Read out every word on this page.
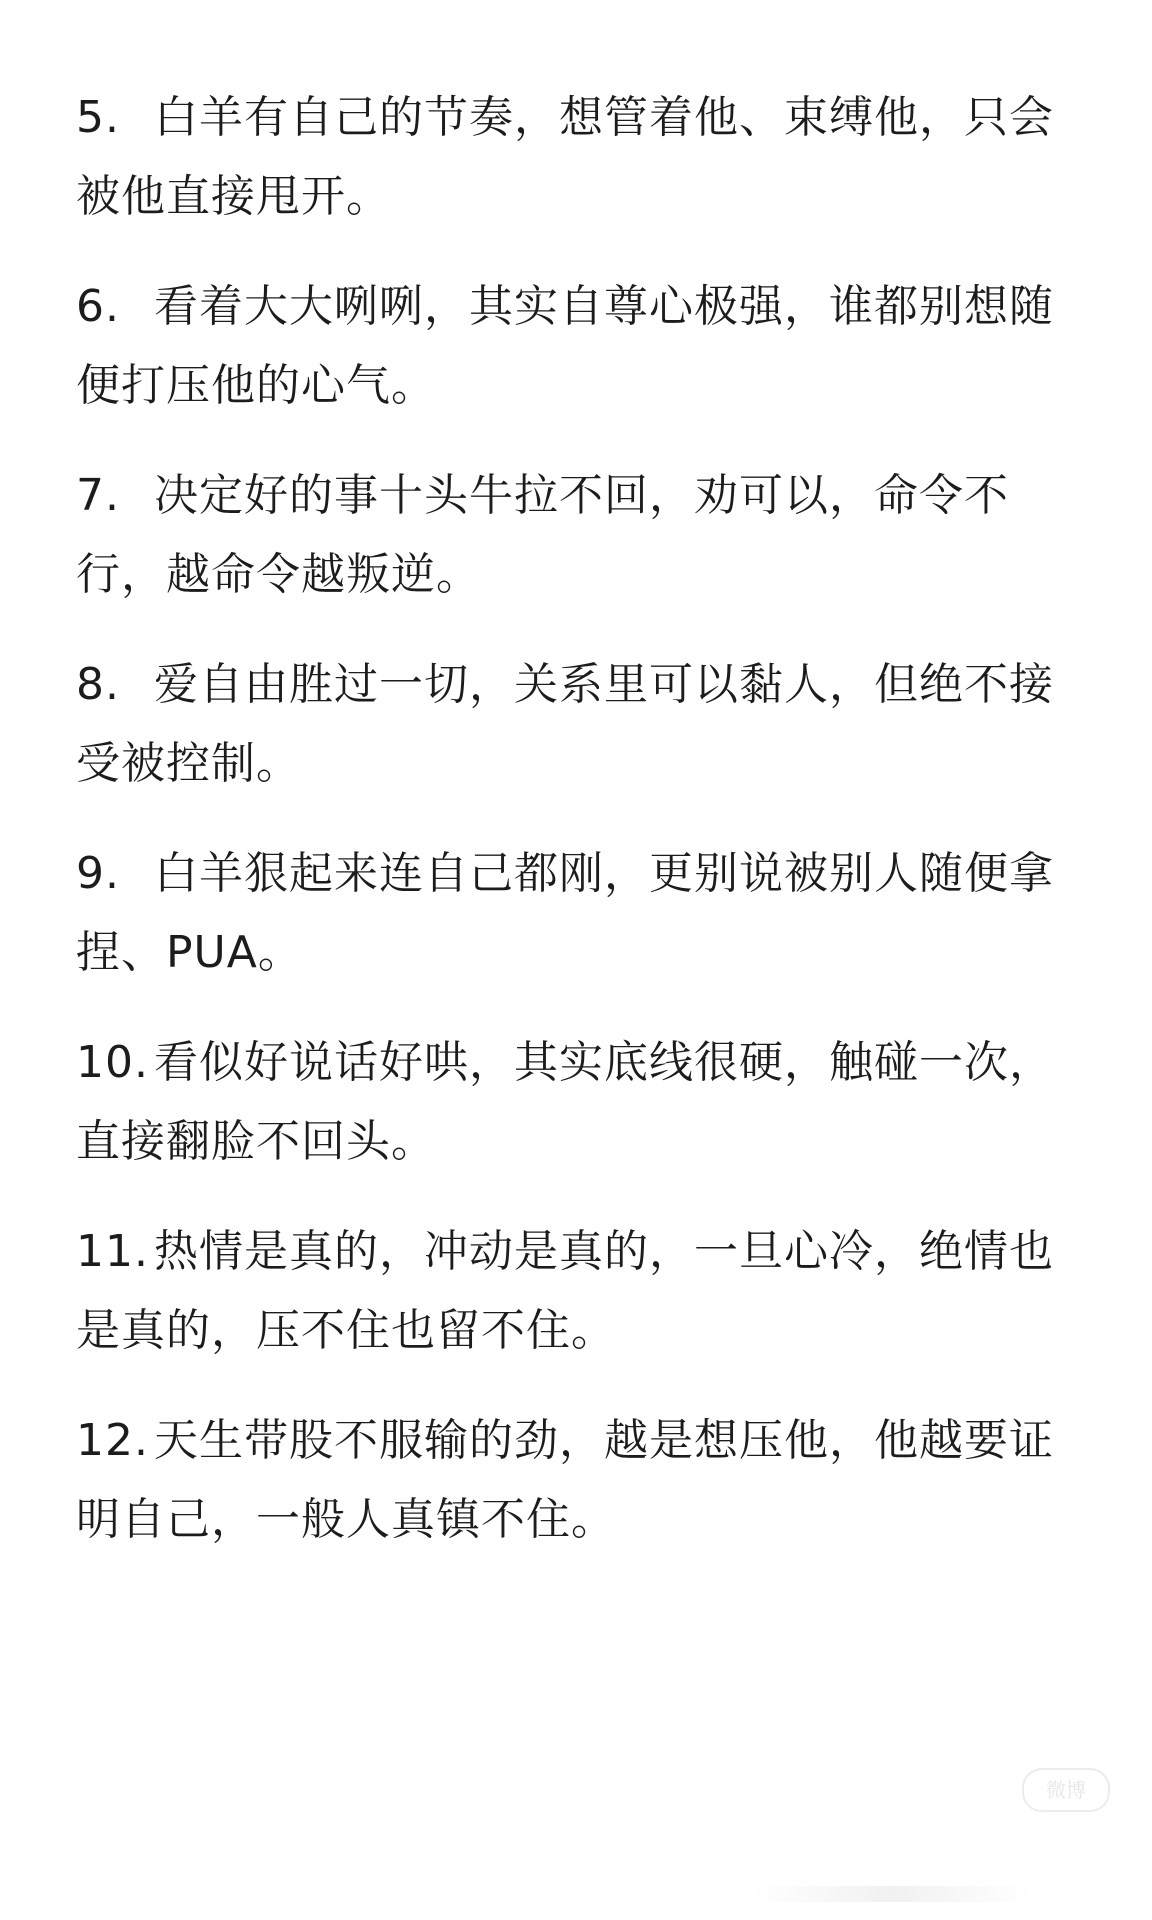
5. 白羊有自己的节奏，想管着他、束缚他，只会
被他直接甩开。
6. 看着大大咧咧，其实自尊心极强，谁都别想随
便打压他的心气。
7. 决定好的事十头牛拉不回，劝可以，命令不
行，越命令越叛逆。
8. 爱自由胜过一切，关系里可以黏人，但绝不接
受被控制。
9. 白羊狠起来连自己都刚，更别说被别人随便拿
捏、PUA。
10. 看似好说话好哄，其实底线很硬，触碰一次，
直接翻脸不回头。
11. 热情是真的，冲动是真的，一旦心冷，绝情也
是真的，压不住也留不住。
12. 天生带股不服输的劲，越是想压他，他越要证
明自己，一般人真镇不住。
微博
